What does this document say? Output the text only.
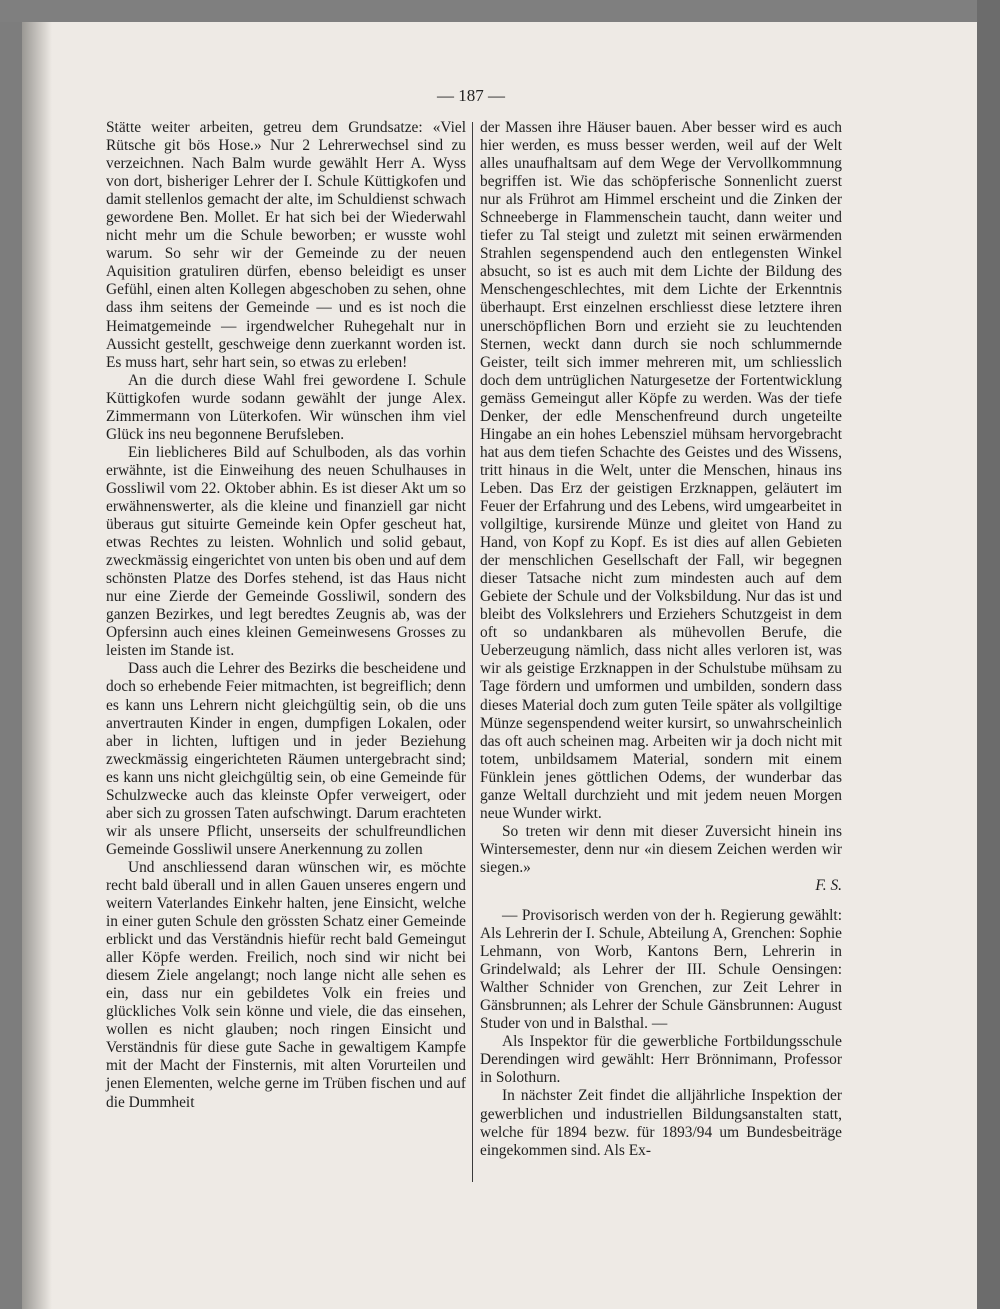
— 187 —

Stätte weiter arbeiten, getreu dem Grundsatze: «Viel Rütsche git bös Hose.» Nur 2 Lehrerwechsel sind zu verzeichnen. Nach Balm wurde gewählt Herr A. Wyss von dort, bisheriger Lehrer der I. Schule Küttigkofen und damit stellenlos gemacht der alte, im Schuldienst schwach gewordene Ben. Mollet. Er hat sich bei der Wiederwahl nicht mehr um die Schule beworben; er wusste wohl warum. So sehr wir der Gemeinde zu der neuen Aquisition gratuliren dürfen, ebenso beleidigt es unser Gefühl, einen alten Kollegen abgeschoben zu sehen, ohne dass ihm seitens der Gemeinde — und es ist noch die Heimatgemeinde — irgendwelcher Ruhegehalt nur in Aussicht gestellt, geschweige denn zuerkannt worden ist. Es muss hart, sehr hart sein, so etwas zu erleben!

An die durch diese Wahl frei gewordene I. Schule Küttigkofen wurde sodann gewählt der junge Alex. Zimmermann von Lüterkofen. Wir wünschen ihm viel Glück ins neu begonnene Berufsleben.

Ein lieblicheres Bild auf Schulboden, als das vorhin erwähnte, ist die Einweihung des neuen Schulhauses in Gossliwil vom 22. Oktober abhin. Es ist dieser Akt um so erwähnenswerter, als die kleine und finanziell gar nicht überaus gut situirte Gemeinde kein Opfer gescheut hat, etwas Rechtes zu leisten. Wohnlich und solid gebaut, zweckmässig eingerichtet von unten bis oben und auf dem schönsten Platze des Dorfes stehend, ist das Haus nicht nur eine Zierde der Gemeinde Gossliwil, sondern des ganzen Bezirkes, und legt beredtes Zeugnis ab, was der Opfersinn auch eines kleinen Gemeinwesens Grosses zu leisten im Stande ist.

Dass auch die Lehrer des Bezirks die bescheidene und doch so erhebende Feier mitmachten, ist begreiflich; denn es kann uns Lehrern nicht gleichgültig sein, ob die uns anvertrauten Kinder in engen, dumpfigen Lokalen, oder aber in lichten, luftigen und in jeder Beziehung zweckmässig eingerichteten Räumen untergebracht sind; es kann uns nicht gleichgültig sein, ob eine Gemeinde für Schulzwecke auch das kleinste Opfer verweigert, oder aber sich zu grossen Taten aufschwingt. Darum erachteten wir als unsere Pflicht, unserseits der schulfreundlichen Gemeinde Gossliwil unsere Anerkennung zu zollen

Und anschliessend daran wünschen wir, es möchte recht bald überall und in allen Gauen unseres engern und weitern Vaterlandes Einkehr halten, jene Einsicht, welche in einer guten Schule den grössten Schatz einer Gemeinde erblickt und das Verständnis hiefür recht bald Gemeingut aller Köpfe werden. Freilich, noch sind wir nicht bei diesem Ziele angelangt; noch lange nicht alle sehen es ein, dass nur ein gebildetes Volk ein freies und glückliches Volk sein könne und viele, die das einsehen, wollen es nicht glauben; noch ringen Einsicht und Verständnis für diese gute Sache in gewaltigem Kampfe mit der Macht der Finsternis, mit alten Vorurteilen und jenen Elementen, welche gerne im Trüben fischen und auf die Dummheit

der Massen ihre Häuser bauen. Aber besser wird es auch hier werden, es muss besser werden, weil auf der Welt alles unaufhaltsam auf dem Wege der Vervollkommnung begriffen ist. Wie das schöpferische Sonnenlicht zuerst nur als Frührot am Himmel erscheint und die Zinken der Schneeberge in Flammenschein taucht, dann weiter und tiefer zu Tal steigt und zuletzt mit seinen erwärmenden Strahlen segenspendend auch den entlegensten Winkel absucht, so ist es auch mit dem Lichte der Bildung des Menschengeschlechtes, mit dem Lichte der Erkenntnis überhaupt. Erst einzelnen erschliesst diese letztere ihren unerschöpflichen Born und erzieht sie zu leuchtenden Sternen, weckt dann durch sie noch schlummernde Geister, teilt sich immer mehreren mit, um schliesslich doch dem untrüglichen Naturgesetze der Fortentwicklung gemäss Gemeingut aller Köpfe zu werden. Was der tiefe Denker, der edle Menschenfreund durch ungeteilte Hingabe an ein hohes Lebensziel mühsam hervorgebracht hat aus dem tiefen Schachte des Geistes und des Wissens, tritt hinaus in die Welt, unter die Menschen, hinaus ins Leben. Das Erz der geistigen Erzknappen, geläutert im Feuer der Erfahrung und des Lebens, wird umgearbeitet in vollgiltige, kursirende Münze und gleitet von Hand zu Hand, von Kopf zu Kopf. Es ist dies auf allen Gebieten der menschlichen Gesellschaft der Fall, wir begegnen dieser Tatsache nicht zum mindesten auch auf dem Gebiete der Schule und der Volksbildung. Nur das ist und bleibt des Volkslehrers und Erziehers Schutzgeist in dem oft so undankbaren als mühevollen Berufe, die Ueberzeugung nämlich, dass nicht alles verloren ist, was wir als geistige Erzknappen in der Schulstube mühsam zu Tage fördern und umformen und umbilden, sondern dass dieses Material doch zum guten Teile später als vollgiltige Münze segenspendend weiter kursirt, so unwahrscheinlich das oft auch scheinen mag. Arbeiten wir ja doch nicht mit totem, unbildsamem Material, sondern mit einem Fünklein jenes göttlichen Odems, der wunderbar das ganze Weltall durchzieht und mit jedem neuen Morgen neue Wunder wirkt.

So treten wir denn mit dieser Zuversicht hinein ins Wintersemester, denn nur «in diesem Zeichen werden wir siegen.»

F. S.

— Provisorisch werden von der h. Regierung gewählt: Als Lehrerin der I. Schule, Abteilung A, Grenchen: Sophie Lehmann, von Worb, Kantons Bern, Lehrerin in Grindelwald; als Lehrer der III. Schule Oensingen: Walther Schnider von Grenchen, zur Zeit Lehrer in Gänsbrunnen; als Lehrer der Schule Gänsbrunnen: August Studer von und in Balsthal. —

Als Inspektor für die gewerbliche Fortbildungsschule Derendingen wird gewählt: Herr Brönnimann, Professor in Solothurn.

In nächster Zeit findet die alljährliche Inspektion der gewerblichen und industriellen Bildungsanstalten statt, welche für 1894 bezw. für 1893/94 um Bundesbeiträge eingekommen sind. Als Ex-
